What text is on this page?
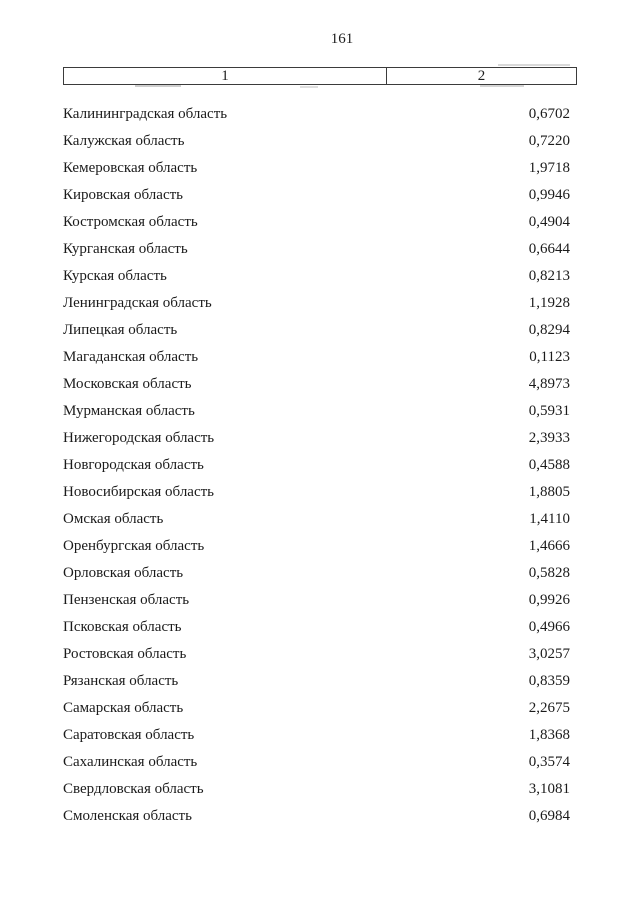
161
1	2
Калининградская область	0,6702
Калужская область	0,7220
Кемеровская область	1,9718
Кировская область	0,9946
Костромская область	0,4904
Курганская область	0,6644
Курская область	0,8213
Ленинградская область	1,1928
Липецкая область	0,8294
Магаданская область	0,1123
Московская область	4,8973
Мурманская область	0,5931
Нижегородская область	2,3933
Новгородская область	0,4588
Новосибирская область	1,8805
Омская область	1,4110
Оренбургская область	1,4666
Орловская область	0,5828
Пензенская область	0,9926
Псковская область	0,4966
Ростовская область	3,0257
Рязанская область	0,8359
Самарская область	2,2675
Саратовская область	1,8368
Сахалинская область	0,3574
Свердловская область	3,1081
Смоленская область	0,6984
